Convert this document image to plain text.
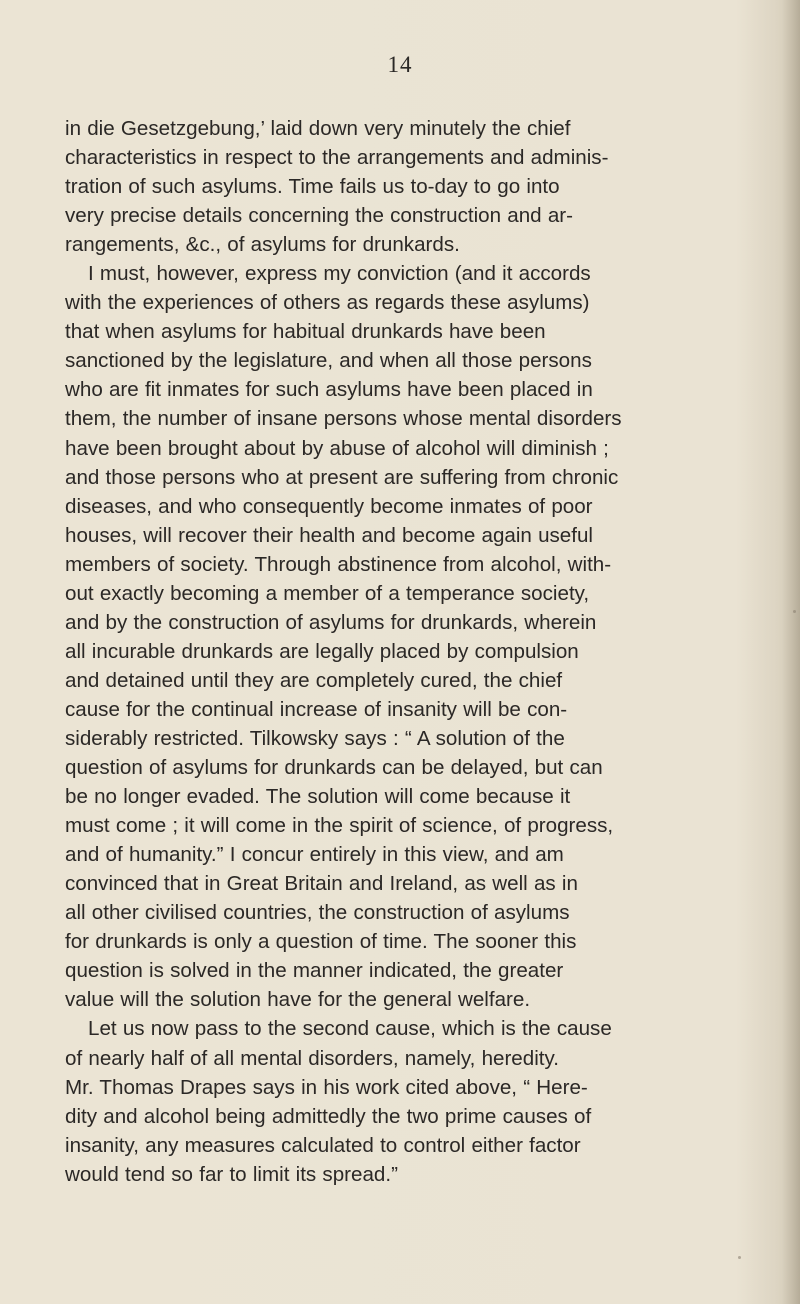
14
in die Gesetzgebung,’ laid down very minutely the chief
characteristics in respect to the arrangements and adminis-
tration of such asylums. Time fails us to-day to go into
very precise details concerning the construction and ar-
rangements, &c., of asylums for drunkards.
I must, however, express my conviction (and it accords
with the experiences of others as regards these asylums)
that when asylums for habitual drunkards have been
sanctioned by the legislature, and when all those persons
who are fit inmates for such asylums have been placed in
them, the number of insane persons whose mental disorders
have been brought about by abuse of alcohol will diminish ;
and those persons who at present are suffering from chronic
diseases, and who consequently become inmates of poor
houses, will recover their health and become again useful
members of society. Through abstinence from alcohol, with-
out exactly becoming a member of a temperance society,
and by the construction of asylums for drunkards, wherein
all incurable drunkards are legally placed by compulsion
and detained until they are completely cured, the chief
cause for the continual increase of insanity will be con-
siderably restricted. Tilkowsky says : “ A solution of the
question of asylums for drunkards can be delayed, but can
be no longer evaded. The solution will come because it
must come ; it will come in the spirit of science, of progress,
and of humanity.” I concur entirely in this view, and am
convinced that in Great Britain and Ireland, as well as in
all other civilised countries, the construction of asylums
for drunkards is only a question of time. The sooner this
question is solved in the manner indicated, the greater
value will the solution have for the general welfare.
Let us now pass to the second cause, which is the cause
of nearly half of all mental disorders, namely, heredity.
Mr. Thomas Drapes says in his work cited above, “ Here-
dity and alcohol being admittedly the two prime causes of
insanity, any measures calculated to control either factor
would tend so far to limit its spread.”
